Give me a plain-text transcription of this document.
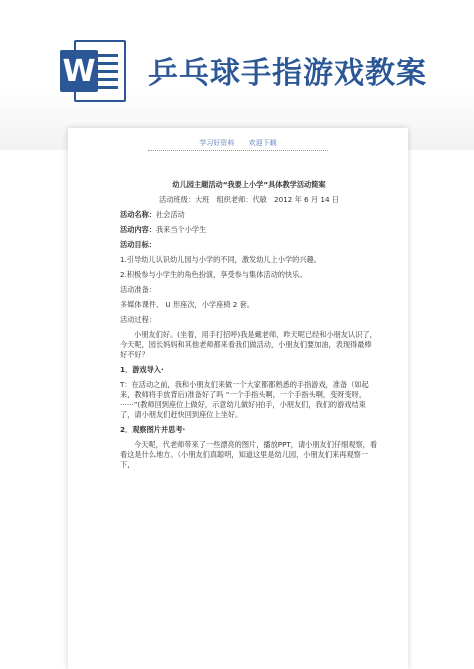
W 乒乓球手指游戏教案
学习好资料 欢迎下载

幼儿园主题活动“我要上小学”具体教学活动简案

活动班级：大班　组织老师：代敏　2012 年 6 月 14 日

活动名称：社会活动

活动内容：我来当个小学生

活动目标：

1.引导幼儿认识幼儿园与小学的不同，激发幼儿上小学的兴趣。

2.积极参与小学生的角色扮演，享受参与集体活动的快乐。

活动准备：

多媒体课件、 U 形座次，小学座椅 2 套。

活动过程：

小朋友们好。(坐着，用手打招呼)我是戴老师，昨天呢已经和小朋友认识了，今天呢，园长妈妈和其他老师都来看我们做活动，小朋友们要加油，表现得最棒好不好？

1．游戏导入·

T：在活动之前，我和小朋友们来做一个大家都都熟悉的手指游戏，准备（如起来，教师将手放背后)准备好了吗 “一个手指头啊，一个手指头啊，变呀变呀，······”(教师回到座位上做好，示意幼儿做好)拍手，小朋友们，我们的游戏结束了，请小朋友们赶快回到座位上坐好。

2．观察图片并思考·

今天呢，代老师带来了一些漂亮的图片，播放PPT，请小朋友们仔细观察，看看这是什么地方。（小朋友们真聪明，知道这里是幼儿园，小朋友们来再观察一下，
